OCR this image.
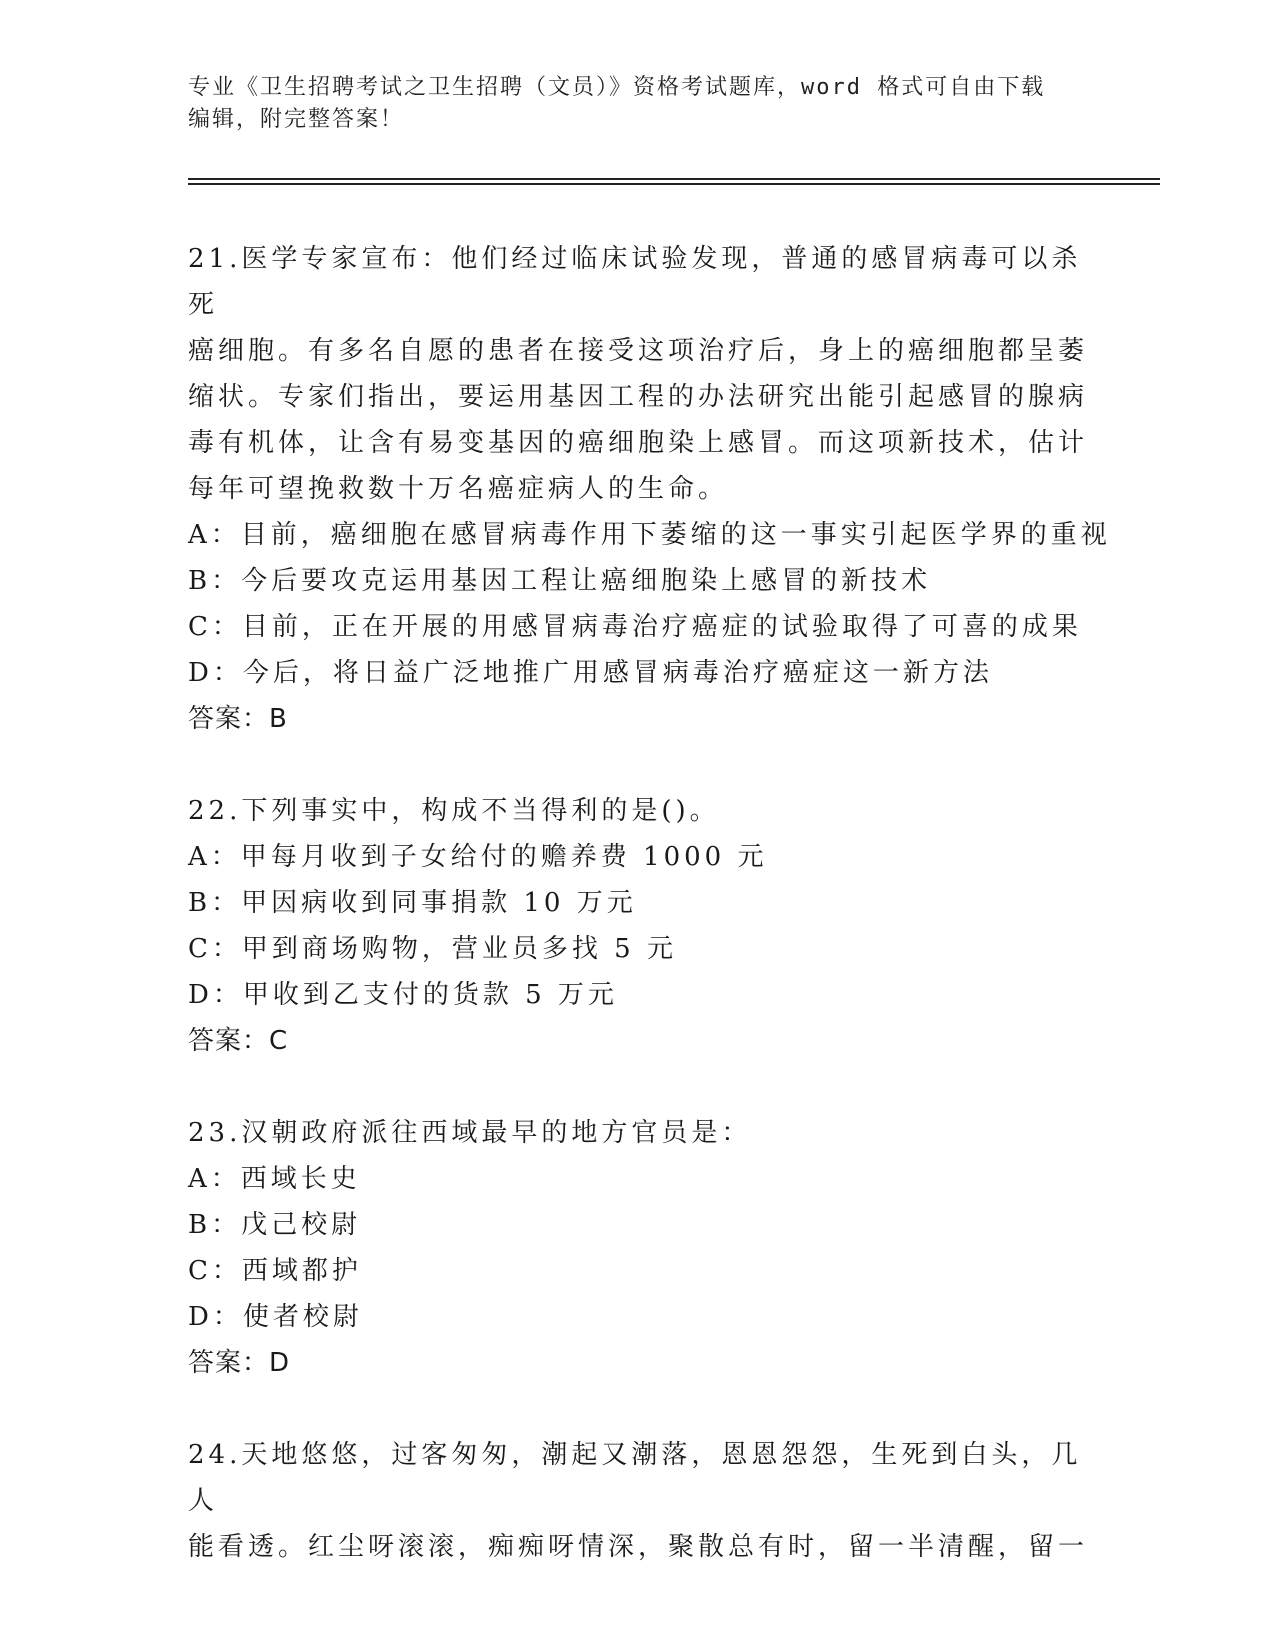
专业《卫生招聘考试之卫生招聘（文员）》资格考试题库，word 格式可自由下载
编辑，附完整答案！
21.医学专家宣布：他们经过临床试验发现，普通的感冒病毒可以杀死
癌细胞。有多名自愿的患者在接受这项治疗后，身上的癌细胞都呈萎
缩状。专家们指出，要运用基因工程的办法研究出能引起感冒的腺病
毒有机体，让含有易变基因的癌细胞染上感冒。而这项新技术，估计
每年可望挽救数十万名癌症病人的生命。
A：目前，癌细胞在感冒病毒作用下萎缩的这一事实引起医学界的重视
B：今后要攻克运用基因工程让癌细胞染上感冒的新技术
C：目前，正在开展的用感冒病毒治疗癌症的试验取得了可喜的成果
D：今后，将日益广泛地推广用感冒病毒治疗癌症这一新方法
答案：B
22.下列事实中，构成不当得利的是()。
A：甲每月收到子女给付的赡养费 1000 元
B：甲因病收到同事捐款 10 万元
C：甲到商场购物，营业员多找 5 元
D：甲收到乙支付的货款 5 万元
答案：C
23.汉朝政府派往西域最早的地方官员是：
A：西域长史
B：戊己校尉
C：西域都护
D：使者校尉
答案：D
24.天地悠悠，过客匆匆，潮起又潮落，恩恩怨怨，生死到白头，几人
能看透。红尘呀滚滚，痴痴呀情深，聚散总有时，留一半清醒，留一
